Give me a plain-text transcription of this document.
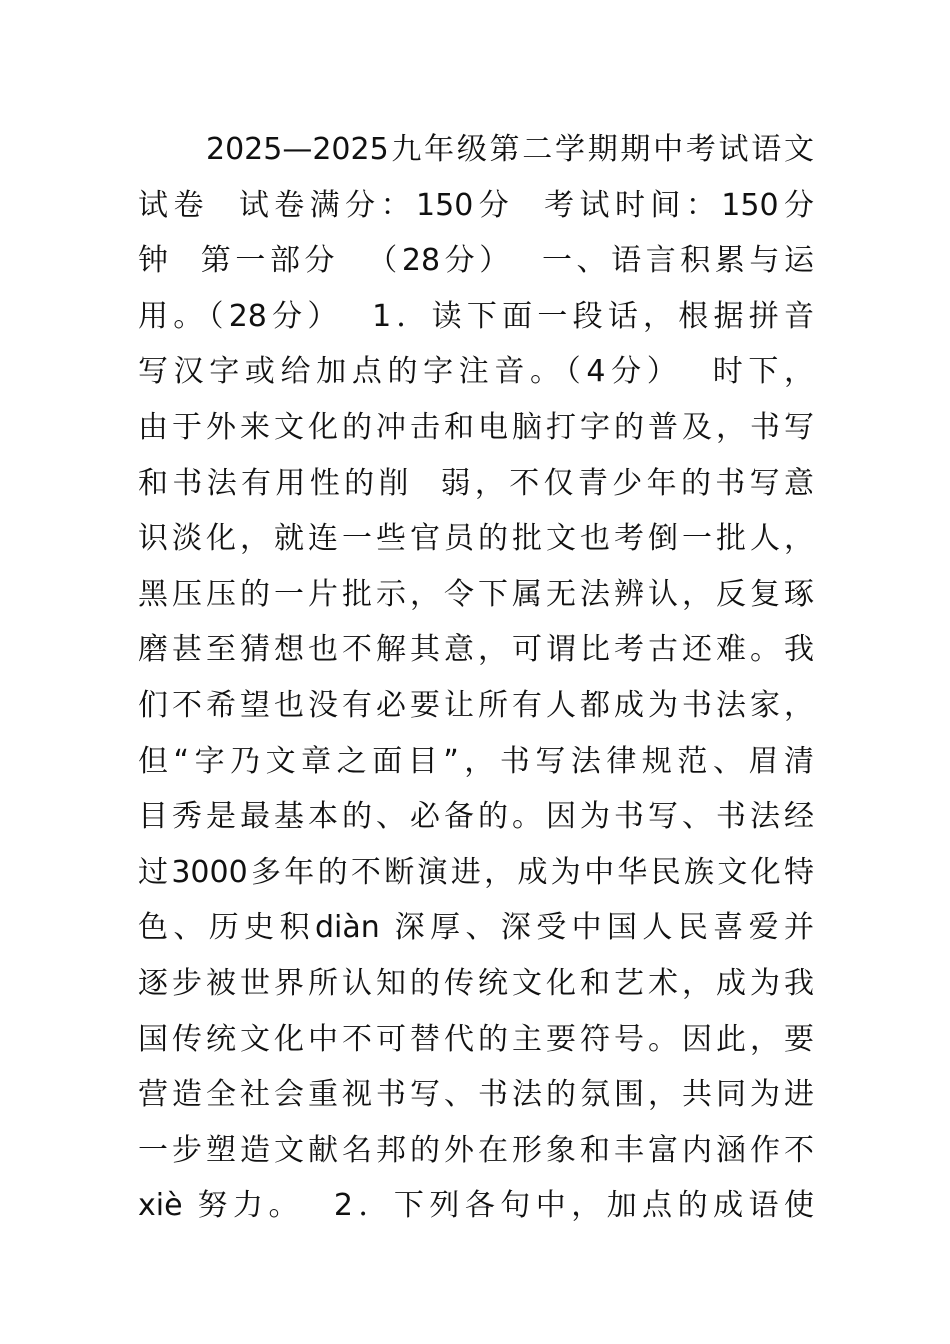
2025—2025九年级第二学期期中考试语文
试卷  试卷满分：150分  考试时间：150分
钟  第一部分  （28分）  一、语言积累与运
用。（28分）  1．读下面一段话，根据拼音
写汉字或给加点的字注音。（4分）  时下，
由于外来文化的冲击和电脑打字的普及，书写
和书法有用性的削  弱，不仅青少年的书写意
识淡化，就连一些官员的批文也考倒一批人，
黑压压的一片批示，令下属无法辨认，反复琢
磨甚至猜想也不解其意，可谓比考古还难。我
们不希望也没有必要让所有人都成为书法家，
但“字乃文章之面目”，书写法律规范、眉清
目秀是最基本的、必备的。因为书写、书法经
过3000多年的不断演进，成为中华民族文化特
色、历史积diàn 深厚、深受中国人民喜爱并
逐步被世界所认知的传统文化和艺术，成为我
国传统文化中不可替代的主要符号。因此，要
营造全社会重视书写、书法的氛围，共同为进
一步塑造文献名邦的外在形象和丰富内涵作不
xiè 努力。  2．下列各句中，加点的成语使
